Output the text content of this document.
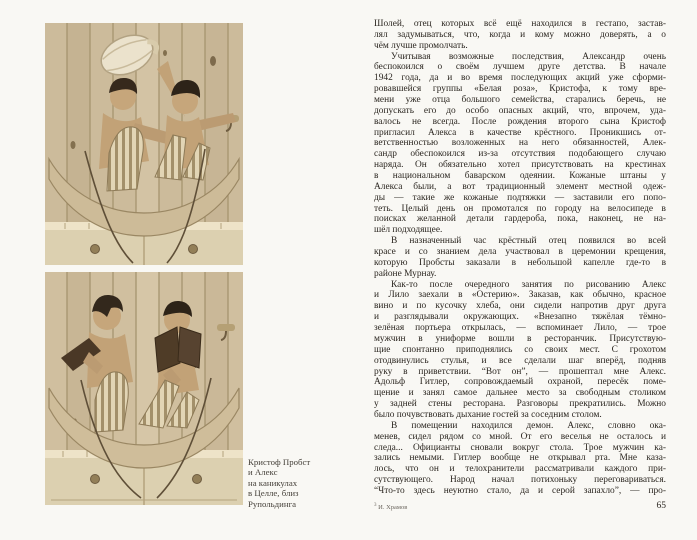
Кристоф Пробст
и Алекс
на каникулах
в Целле, близ
Рупольдинга
Шолей, отец которых всё ещё находился в гестапо, застав-
лял задумываться, что, когда и кому можно доверять, а о
чём лучше промолчать.
Учитывая возможные последствия, Александр очень
беспокоился о своём лучшем друге детства. В начале
1942 года, да и во время последующих акций уже сформи-
ровавшейся группы «Белая роза», Кристофа, к тому вре-
мени уже отца большого семейства, старались беречь, не
допускать его до особо опасных акций, что, впрочем, уда-
валось не всегда. После рождения второго сына Кристоф
пригласил Алекса в качестве крёстного. Проникшись от-
ветственностью возложенных на него обязанностей, Алек-
сандр обеспокоился из-за отсутствия подобающего случаю
наряда. Он обязательно хотел присутствовать на крестинах
в национальном баварском одеянии. Кожаные штаны у
Алекса были, а вот традиционный элемент местной одеж-
ды — такие же кожаные подтяжки — заставили его попо-
теть. Целый день он промотался по городу на велосипеде в
поисках желанной детали гардероба, пока, наконец, не на-
шёл подходящее.
В назначенный час крёстный отец появился во всей
красе и со знанием дела участвовал в церемонии крещения,
которую Пробсты заказали в небольшой капелле где-то в
районе Мурнау.
Как-то после очередного занятия по рисованию Алекс
и Лило заехали в «Остерию». Заказав, как обычно, красное
вино и по кусочку хлеба, они сидели напротив друг друга
и разглядывали окружающих. «Внезапно тяжёлая тёмно-
зелёная портьера открылась, — вспоминает Лило, — трое
мужчин в униформе вошли в ресторанчик. Присутствую-
щие спонтанно приподнялись со своих мест. С грохотом
отодвинулись стулья, и все сделали шаг вперёд, подняв
руку в приветствии. “Вот он”, — прошептал мне Алекс.
Адольф Гитлер, сопровождаемый охраной, пересёк поме-
щение и занял самое дальнее место за свободным столиком
у задней стены ресторана. Разговоры прекратились. Можно
было почувствовать дыхание гостей за соседним столом.
В помещении находился демон. Алекс, словно ока-
менев, сидел рядом со мной. От его веселья не осталось и
следа... Официанты сновали вокруг стола. Трое мужчин ка-
зались немыми. Гитлер вообще не открывал рта. Мне каза-
лось, что он и телохранители рассматривали каждого при-
сутствующего. Народ начал потихоньку переговариваться.
“Что-то здесь неуютно стало, да и серой запахло”, — про-
$^3$ И. Храмов	65
